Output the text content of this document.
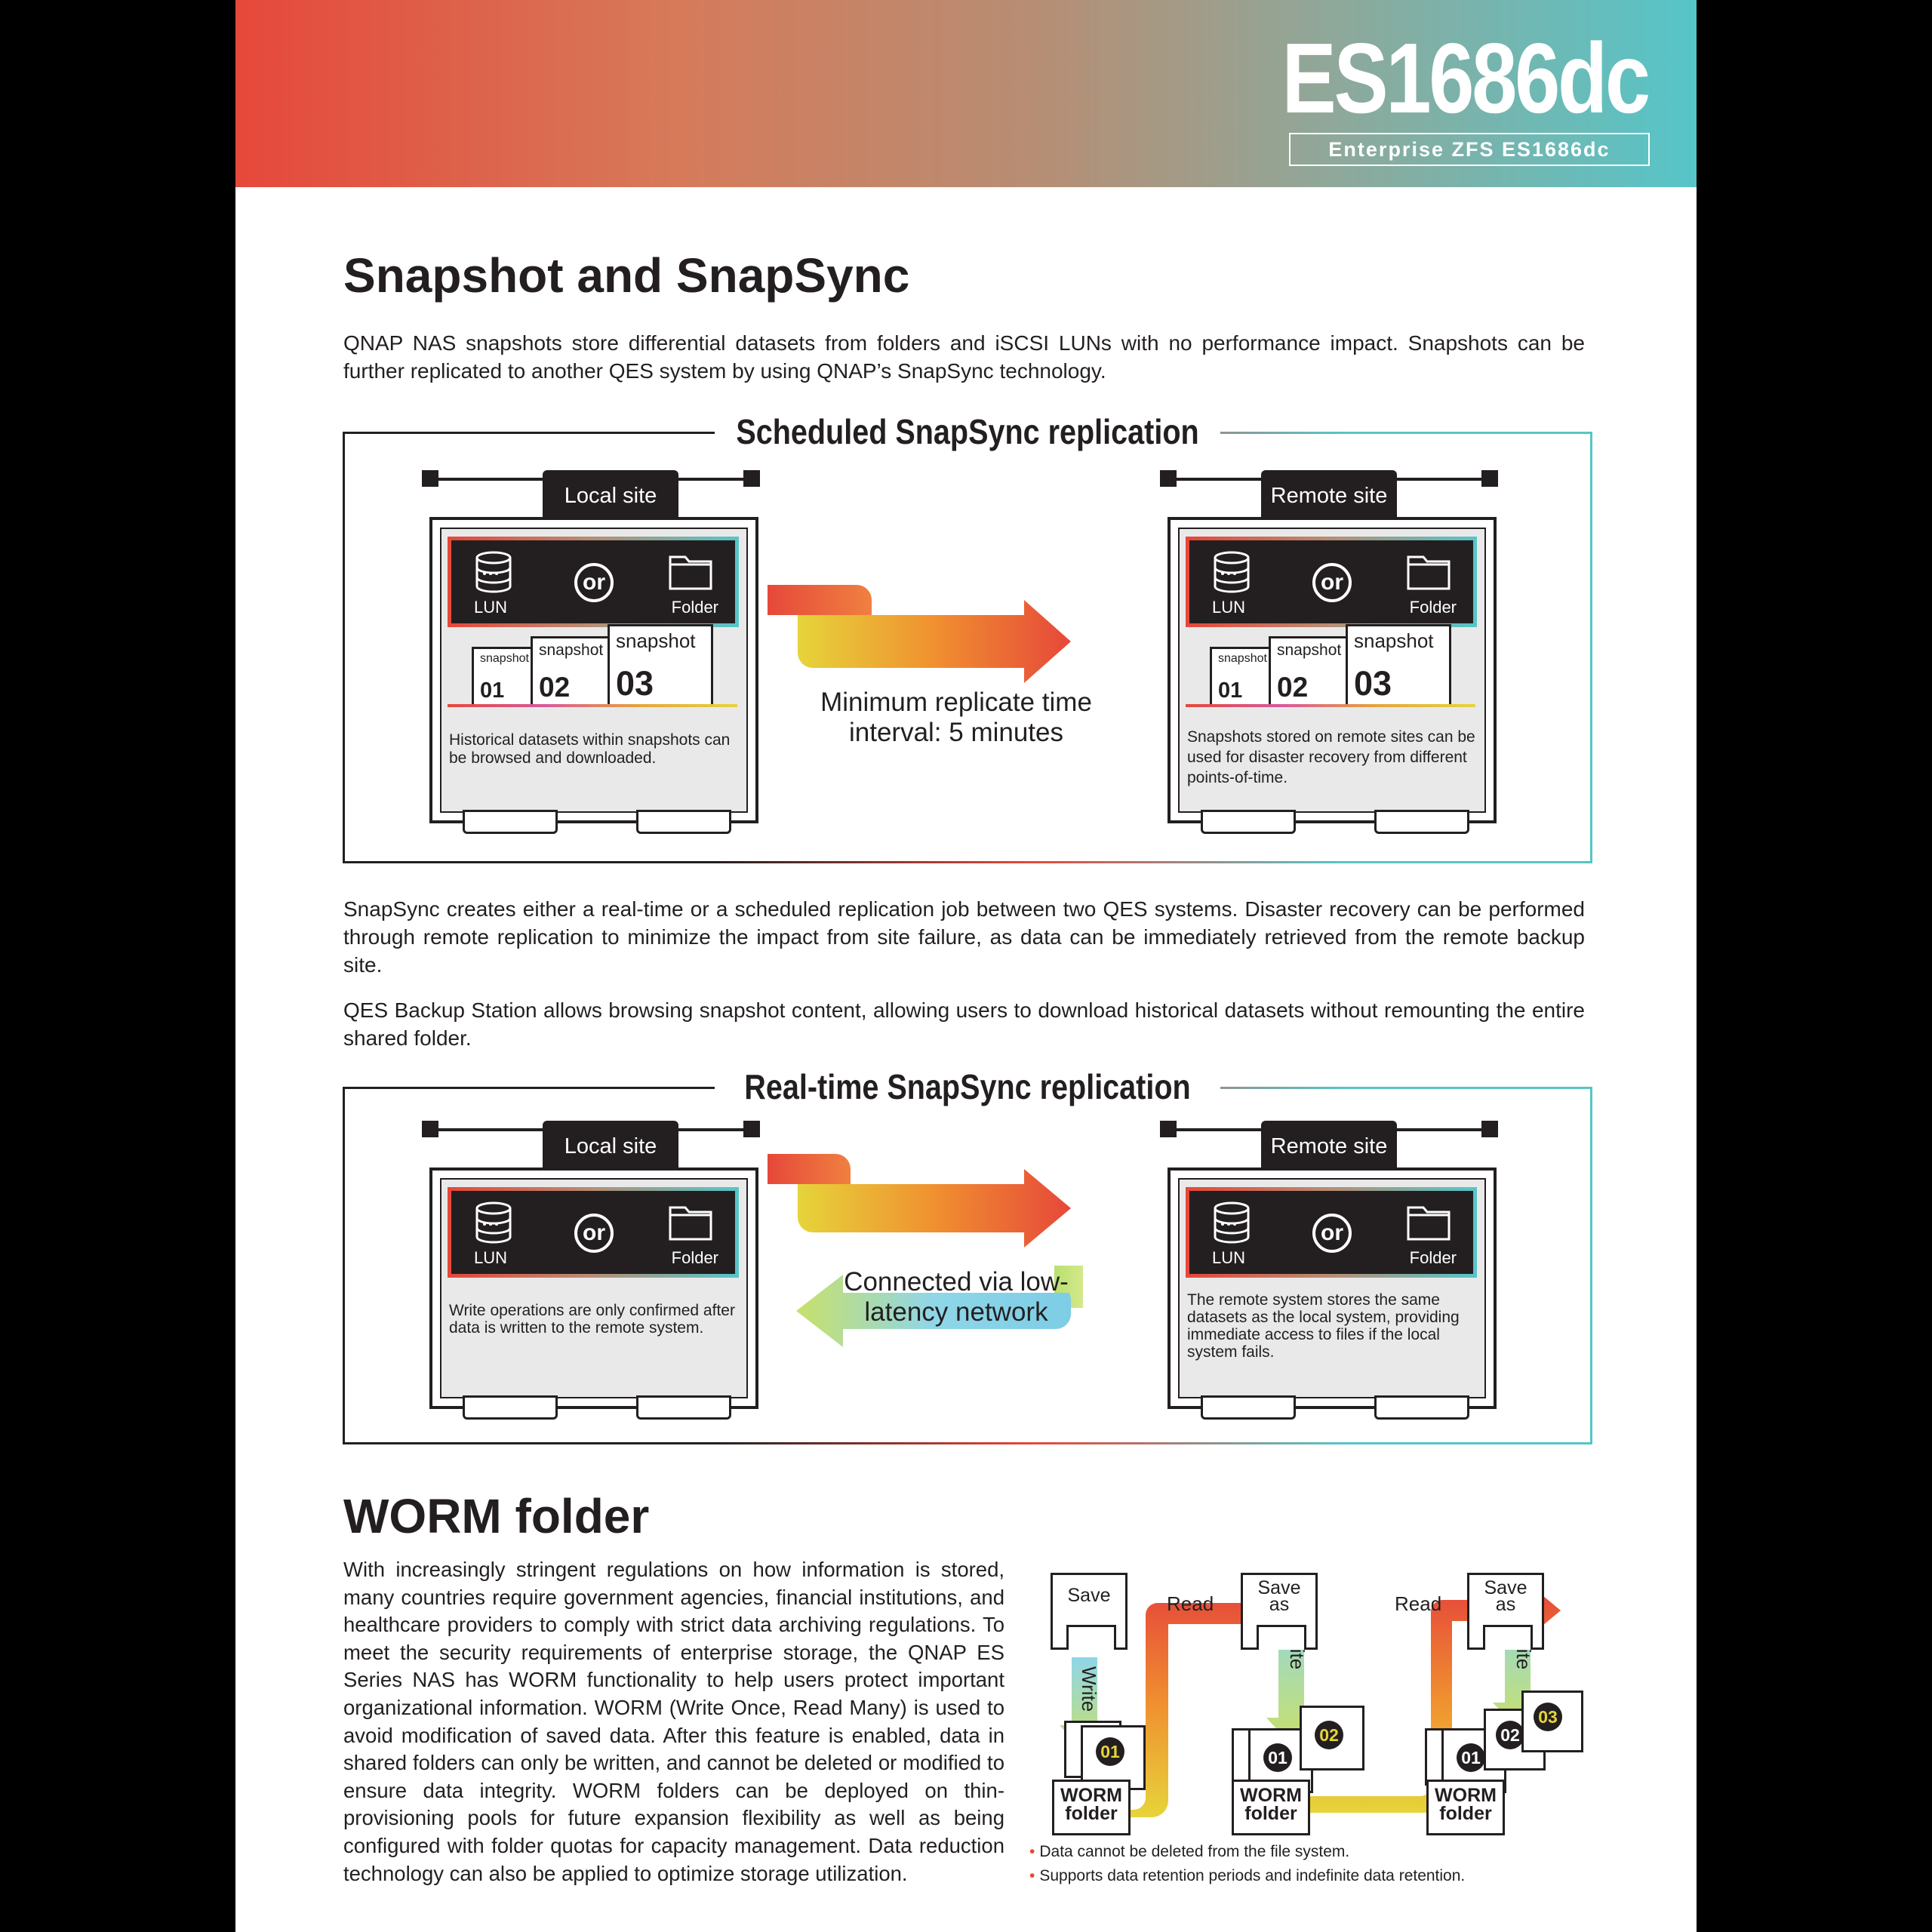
ES1686dc
Enterprise ZFS ES1686dc
Snapshot and SnapSync
QNAP NAS snapshots store differential datasets from folders and iSCSI LUNs with no performance impact. Snapshots can be further replicated to another QES system by using QNAP’s SnapSync technology.
Scheduled SnapSync replication
Local site
or
LUN	Folder
snapshot
01
snapshot
02
snapshot
03
Historical datasets within snapshots can be browsed and downloaded.
Minimum replicate time interval: 5 minutes
Remote site
or
LUN	Folder
snapshot
01
snapshot
02
snapshot
03
Snapshots stored on remote sites can be used for disaster recovery from different points-of-time.
SnapSync creates either a real-time or a scheduled replication job between two QES systems. Disaster recovery can be performed through remote replication to minimize the impact from site failure, as data can be immediately retrieved from the remote backup site.
QES Backup Station allows browsing snapshot content, allowing users to download historical datasets without remounting the entire shared folder.
Real-time SnapSync replication
Local site
or
LUN	Folder
Write operations are only confirmed after data is written to the remote system.
Connected via low-latency network
Remote site
or
LUN	Folder
The remote system stores the same datasets as the local system, providing immediate access to files if the local system fails.
WORM folder
With increasingly stringent regulations on how information is stored, many countries require government agencies, financial institutions, and healthcare providers to comply with strict data archiving regulations. To meet the security requirements of enterprise storage, the QNAP ES Series NAS has WORM functionality to help users protect important organizational information. WORM (Write Once, Read Many) is used to avoid modification of saved data. After this feature is enabled, data in shared folders can only be written, and cannot be deleted or modified to ensure data integrity. WORM folders can be deployed on thin-provisioning pools for future expansion flexibility as well as being configured with folder quotas for capacity management. Data reduction technology can also be applied to optimize storage utilization.
Write
Read	Read
Save	Save
as
Save
as
01
WORM
folder
01
02
WORM
folder
01
02
03
WORM
folder
• Data cannot be deleted from the file system.
• Supports data retention periods and indefinite data retention.
